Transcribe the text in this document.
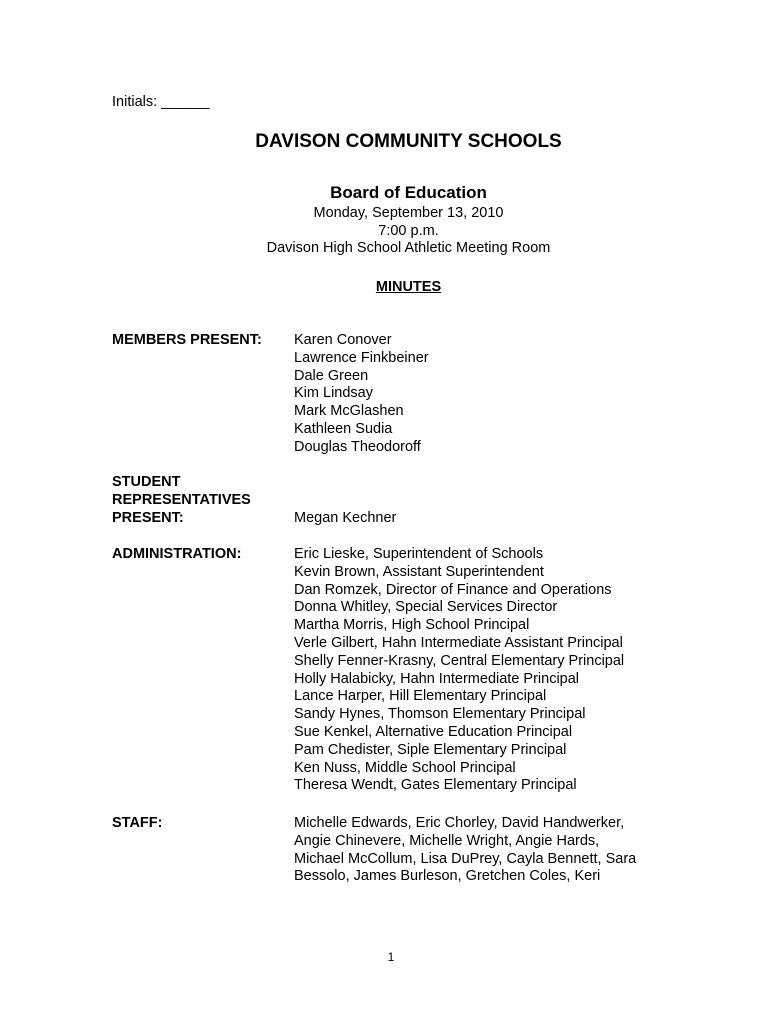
Initials: ______
DAVISON COMMUNITY SCHOOLS
Board of Education
Monday, September 13, 2010
7:00 p.m.
Davison High School Athletic Meeting Room
MINUTES
MEMBERS PRESENT:	Karen Conover
Lawrence Finkbeiner
Dale Green
Kim Lindsay
Mark McGlashen
Kathleen Sudia
Douglas Theodoroff
STUDENT
REPRESENTATIVES
PRESENT:	Megan Kechner
ADMINISTRATION:	Eric Lieske, Superintendent of Schools
Kevin Brown, Assistant Superintendent
Dan Romzek, Director of Finance and Operations
Donna Whitley, Special Services Director
Martha Morris, High School Principal
Verle Gilbert, Hahn Intermediate Assistant Principal
Shelly Fenner-Krasny, Central Elementary Principal
Holly Halabicky, Hahn Intermediate Principal
Lance Harper, Hill Elementary Principal
Sandy Hynes, Thomson Elementary Principal
Sue Kenkel, Alternative Education Principal
Pam Chedister, Siple Elementary Principal
Ken Nuss, Middle School Principal
Theresa Wendt, Gates Elementary Principal
STAFF:	Michelle Edwards, Eric Chorley, David Handwerker,
Angie Chinevere, Michelle Wright, Angie Hards,
Michael McCollum, Lisa DuPrey, Cayla Bennett, Sara
Bessolo, James Burleson, Gretchen Coles, Keri

1
